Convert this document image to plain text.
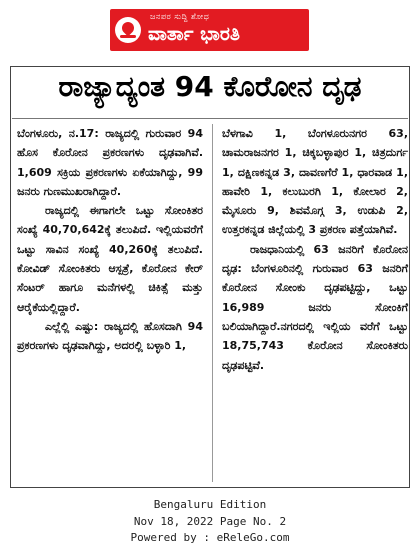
ಜನಪರ ಸುದ್ದಿ ಶೋಧ
ವಾರ್ತಾ ಭಾರತಿ
ರಾಜ್ಯಾದ್ಯಂತ 94 ಕೊರೋನ ದೃಢ

ಬೆಂಗಳೂರು, ನ.17: ರಾಜ್ಯದಲ್ಲಿ ಗುರುವಾರ 94 ಹೊಸ ಕೊರೋನ ಪ್ರಕರಣಗಳು ದೃಢವಾಗಿವೆ. 1,609 ಸಕ್ರಿಯ ಪ್ರಕರಣಗಳು ಏಕೆಯಾಗಿದ್ದು, 99 ಜನರು ಗುಣಮುಖರಾಗಿದ್ದಾರೆ.

ರಾಜ್ಯದಲ್ಲಿ ಈಗಾಗಲೇ ಒಟ್ಟು ಸೋಂಕಿತರ ಸಂಖ್ಯೆ 40,70,642ಕ್ಕೆ ತಲುಪಿದೆ. ಇಲ್ಲಿಯವರೆಗೆ ಒಟ್ಟು ಸಾವಿನ ಸಂಖ್ಯೆ 40,260ಕ್ಕೆ ತಲುಪಿದೆ. ಕೋವಿಡ್ ಸೋಂಕಿತರು ಆಸ್ಪತ್ರೆ, ಕೊರೋನ ಕೇರ್ ಸೆಂಟರ್ ಹಾಗೂ ಮನೆಗಳಲ್ಲಿ ಚಿಕಿತ್ಸೆ ಮತ್ತು ಆರೈಕೆಯಲ್ಲಿದ್ದಾರೆ.

ಎಲ್ಲೆಲ್ಲಿ ಎಷ್ಟು: ರಾಜ್ಯದಲ್ಲಿ ಹೊಸದಾಗಿ 94 ಪ್ರಕರಣಗಳು ದೃಢವಾಗಿದ್ದು, ಅದರಲ್ಲಿ ಬಳ್ಳಾರಿ 1,

ಬೆಳಗಾವಿ 1, ಬೆಂಗಳೂರುನಗರ 63, ಚಾಮರಾಜನಗರ 1, ಚಿಕ್ಕಬಳ್ಳಾಪುರ 1, ಚಿತ್ರದುರ್ಗ 1, ದಕ್ಷಿಣಕನ್ನಡ 3, ದಾವಣಗೆರೆ 1, ಧಾರವಾಡ 1, ಹಾವೇರಿ 1, ಕಲುಬುರಗಿ 1, ಕೋಲಾರ 2, ಮೈಸೂರು 9, ಶಿವಮೊಗ್ಗ 3, ಉಡುಪಿ 2, ಉತ್ತರಕನ್ನಡ ಜಿಲ್ಲೆಯಲ್ಲಿ 3 ಪ್ರಕರಣ ಪತ್ತೆಯಾಗಿವೆ.

ರಾಜಧಾನಿಯಲ್ಲಿ 63 ಜನರಿಗೆ ಕೊರೋನ ದೃಢ: ಬೆಂಗಳೂರಿನಲ್ಲಿ ಗುರುವಾರ 63 ಜನರಿಗೆ ಕೊರೋನ ಸೋಂಕು ದೃಢಪಟ್ಟಿದ್ದು, ಒಟ್ಟು 16,989 ಜನರು ಸೋಂಕಿಗೆ ಬಲಿಯಾಗಿದ್ದಾರೆ.ನಗರದಲ್ಲಿ ಇಲ್ಲಿಯ ವರೆಗೆ ಒಟ್ಟು 18,75,743 ಕೊರೋನ ಸೋಂಕಿತರು ದೃಢಪಟ್ಟಿವೆ.

Bengaluru Edition
Nov 18, 2022 Page No. 2
Powered by : eReleGo.com
